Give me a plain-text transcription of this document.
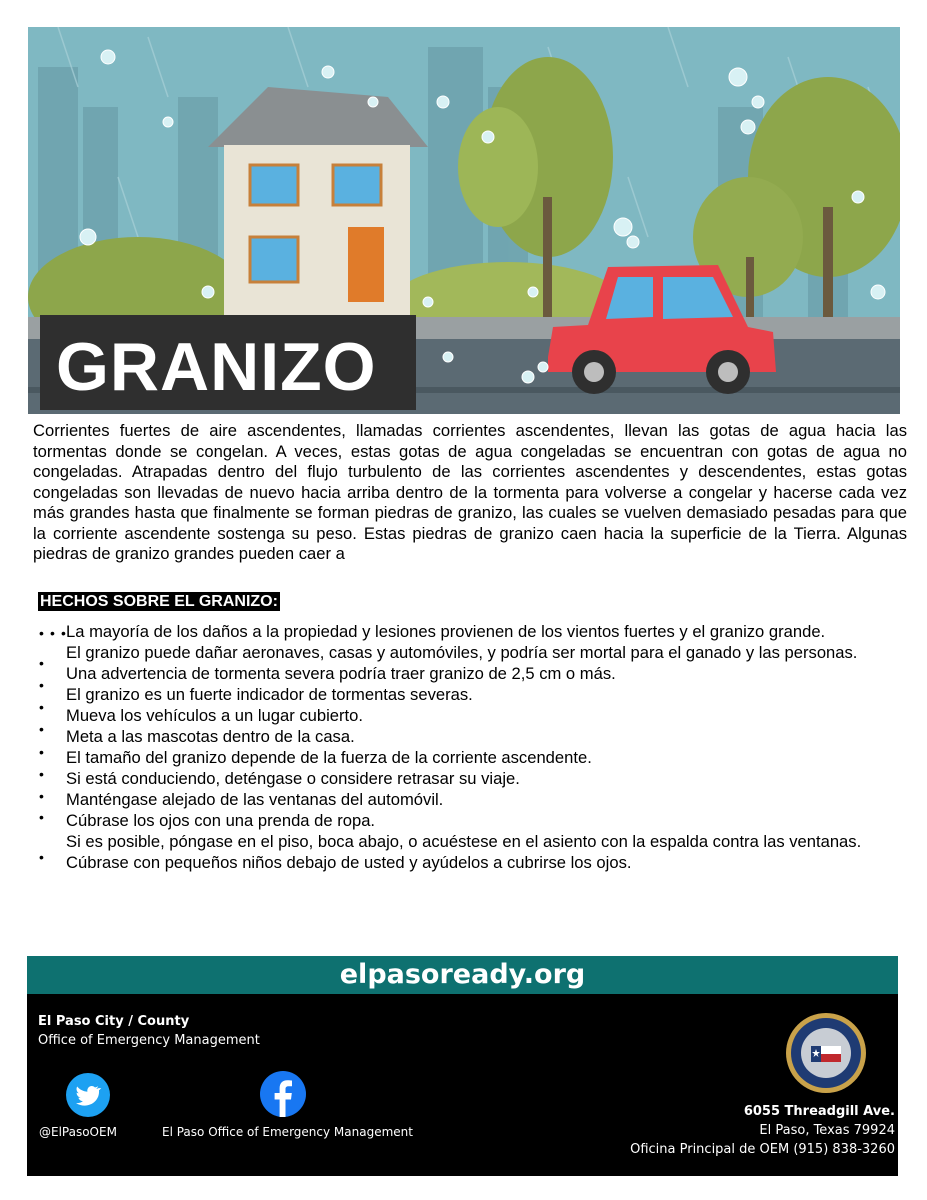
GRANIZO

Corrientes fuertes de aire ascendentes, llamadas corrientes ascendentes, llevan las gotas de agua hacia las tormentas donde se congelan. A veces, estas gotas de agua congeladas se encuentran con gotas de agua no congeladas. Atrapadas dentro del flujo turbulento de las corrientes ascendentes y descendentes, estas gotas congeladas son llevadas de nuevo hacia arriba dentro de la tormenta para volverse a congelar y hacerse cada vez más grandes hasta que finalmente se forman piedras de granizo, las cuales se vuelven demasiado pesadas para que la corriente ascendente sostenga su peso. Estas piedras de granizo caen hacia la superficie de la Tierra. Algunas piedras de granizo grandes pueden caer a

HECHOS SOBRE EL GRANIZO:
• • •
•
•
•
•
•
•
•
•
•

La mayoría de los daños a la propiedad y lesiones provienen de los vientos fuertes y el granizo grande.

El granizo puede dañar aeronaves, casas y automóviles, y podría ser mortal para el ganado y las personas.

Una advertencia de tormenta severa podría traer granizo de 2,5 cm o más.

El granizo es un fuerte indicador de tormentas severas.

Mueva los vehículos a un lugar cubierto.

Meta a las mascotas dentro de la casa.

El tamaño del granizo depende de la fuerza de la corriente ascendente.

Si está conduciendo, deténgase o considere retrasar su viaje.

Manténgase alejado de las ventanas del automóvil.

Cúbrase los ojos con una prenda de ropa.

Si es posible, póngase en el piso, boca abajo, o acuéstese en el asiento con la espalda contra las ventanas.

Cúbrase con pequeños niños debajo de usted y ayúdelos a cubrirse los ojos.

elpasoready.org
El Paso City / County
Office of Emergency Management
@ElPasoOEM	El Paso Office of Emergency Management
6055 Threadgill Ave.
El Paso, Texas 79924
Oficina Principal de OEM (915) 838-3260
